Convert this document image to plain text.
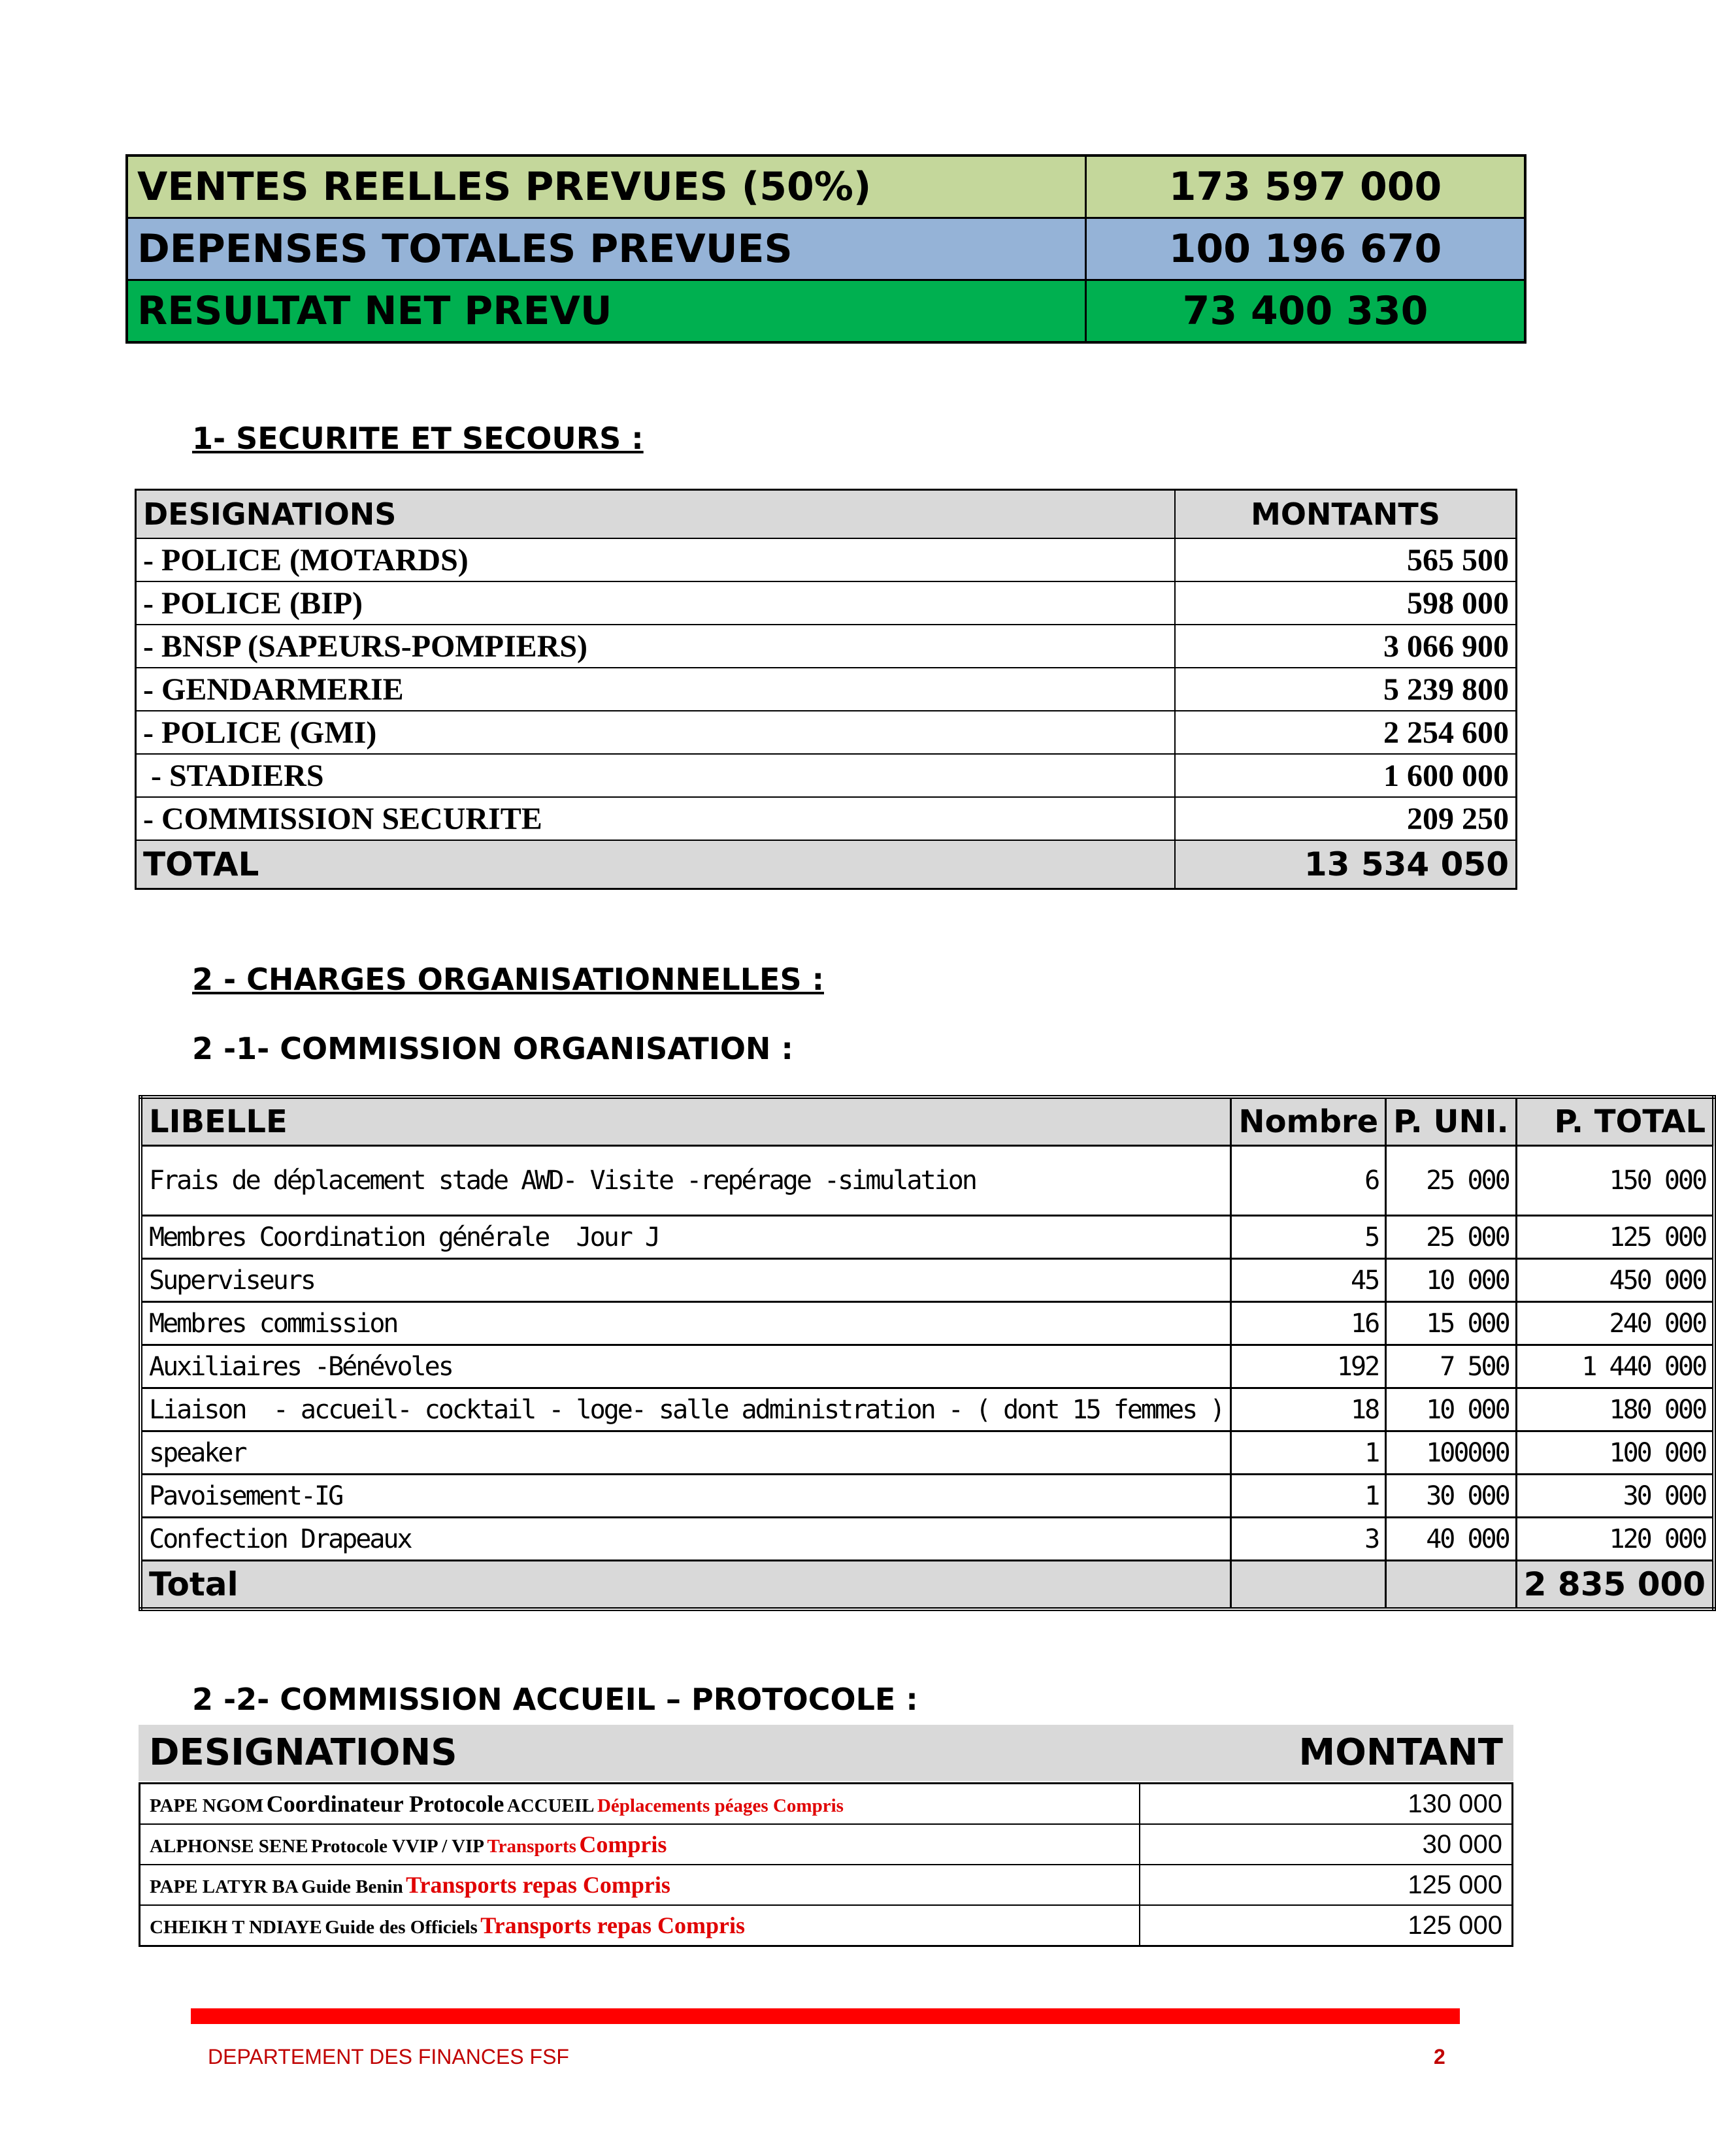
VENTES REELLES PREVUES (50%)	173 597 000
DEPENSES TOTALES PREVUES	100 196 670
RESULTAT NET PREVU	73 400 330
1- SECURITE ET SECOURS :
DESIGNATIONS	MONTANTS
- POLICE (MOTARDS)	565 500
- POLICE (BIP)	598 000
- BNSP (SAPEURS-POMPIERS)	3 066 900
- GENDARMERIE	5 239 800
- POLICE (GMI)	2 254 600
- STADIERS	1 600 000
- COMMISSION SECURITE	209 250
TOTAL	13 534 050
2 - CHARGES ORGANISATIONNELLES :
2 -1- COMMISSION ORGANISATION :
LIBELLE	Nombre	P. UNI.	P. TOTAL
Frais de déplacement stade AWD- Visite -repérage -simulation	6	25 000	150 000
Membres Coordination générale  Jour J	5	25 000	125 000
Superviseurs	45	10 000	450 000
Membres commission	16	15 000	240 000
Auxiliaires -Bénévoles	192	7 500	1 440 000
Liaison  - accueil- cocktail - loge- salle administration - ( dont 15 femmes )	18	10 000	180 000
speaker	1	100000	100 000
Pavoisement-IG	1	30 000	30 000
Confection Drapeaux	3	40 000	120 000
Total			2 835 000
2 -2- COMMISSION ACCUEIL – PROTOCOLE :
DESIGNATIONS	MONTANT
PAPE NGOM Coordinateur Protocole ACCUEIL Déplacements péages Compris	130 000
ALPHONSE SENE Protocole VVIP / VIP Transports Compris	30 000
PAPE LATYR BA Guide Benin Transports repas Compris	125 000
CHEIKH T NDIAYE Guide des Officiels Transports repas Compris	125 000
DEPARTEMENT DES FINANCES FSF	2
